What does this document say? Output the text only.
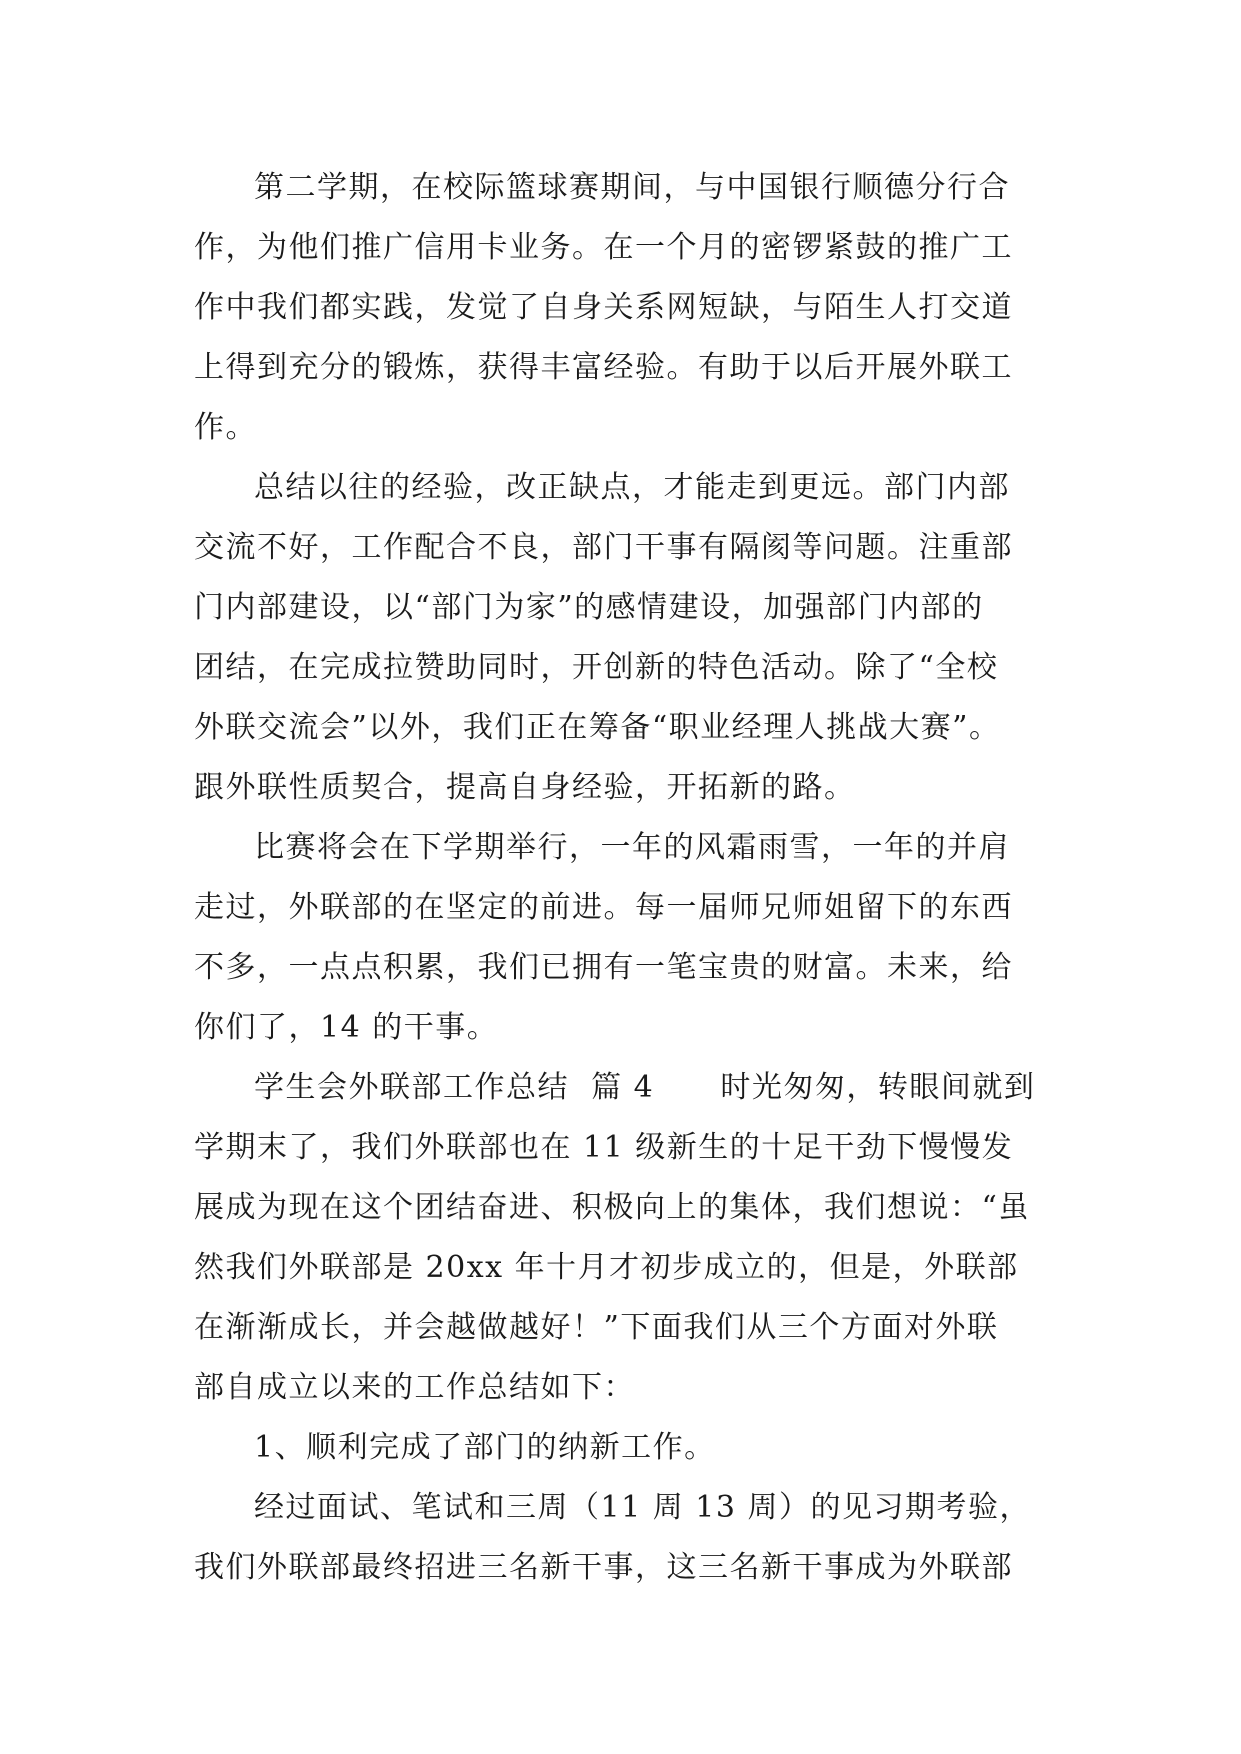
第二学期，在校际篮球赛期间，与中国银行顺德分行合
作，为他们推广信用卡业务。在一个月的密锣紧鼓的推广工
作中我们都实践，发觉了自身关系网短缺，与陌生人打交道
上得到充分的锻炼，获得丰富经验。有助于以后开展外联工
作。

总结以往的经验，改正缺点，才能走到更远。部门内部
交流不好，工作配合不良，部门干事有隔阂等问题。注重部
门内部建设，以“部门为家”的感情建设，加强部门内部的
团结，在完成拉赞助同时，开创新的特色活动。除了“全校
外联交流会”以外，我们正在筹备“职业经理人挑战大赛”。
跟外联性质契合，提高自身经验，开拓新的路。

比赛将会在下学期举行，一年的风霜雨雪，一年的并肩
走过，外联部的在坚定的前进。每一届师兄师姐留下的东西
不多，一点点积累，我们已拥有一笔宝贵的财富。未来，给
你们了，14 的干事。

学生会外联部工作总结  篇 4      时光匆匆，转眼间就到
学期末了，我们外联部也在 11 级新生的十足干劲下慢慢发
展成为现在这个团结奋进、积极向上的集体，我们想说：“虽
然我们外联部是 20xx 年十月才初步成立的，但是，外联部
在渐渐成长，并会越做越好！”下面我们从三个方面对外联
部自成立以来的工作总结如下：

1、顺利完成了部门的纳新工作。

经过面试、笔试和三周（11 周 13 周）的见习期考验，
我们外联部最终招进三名新干事，这三名新干事成为外联部
